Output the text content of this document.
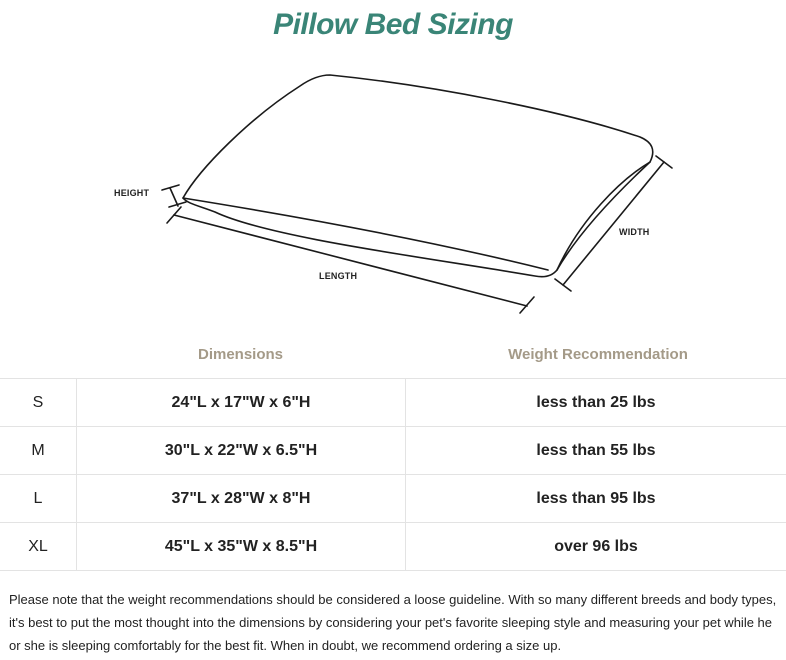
Pillow Bed Sizing
HEIGHT
LENGTH
WIDTH
Dimensions	Weight Recommendation
S	24"L x 17"W x 6"H	less than 25 lbs
M	30"L x 22"W x 6.5"H	less than 55 lbs
L	37"L x 28"W x 8"H	less than 95 lbs
XL	45"L x 35"W x 8.5"H	over 96 lbs
Please note that the weight recommendations should be considered a loose guideline. With so many different breeds and body types, it's best to put the most thought into the dimensions by considering your pet's favorite sleeping style and measuring your pet while he or she is sleeping comfortably for the best fit. When in doubt, we recommend ordering a size up.
